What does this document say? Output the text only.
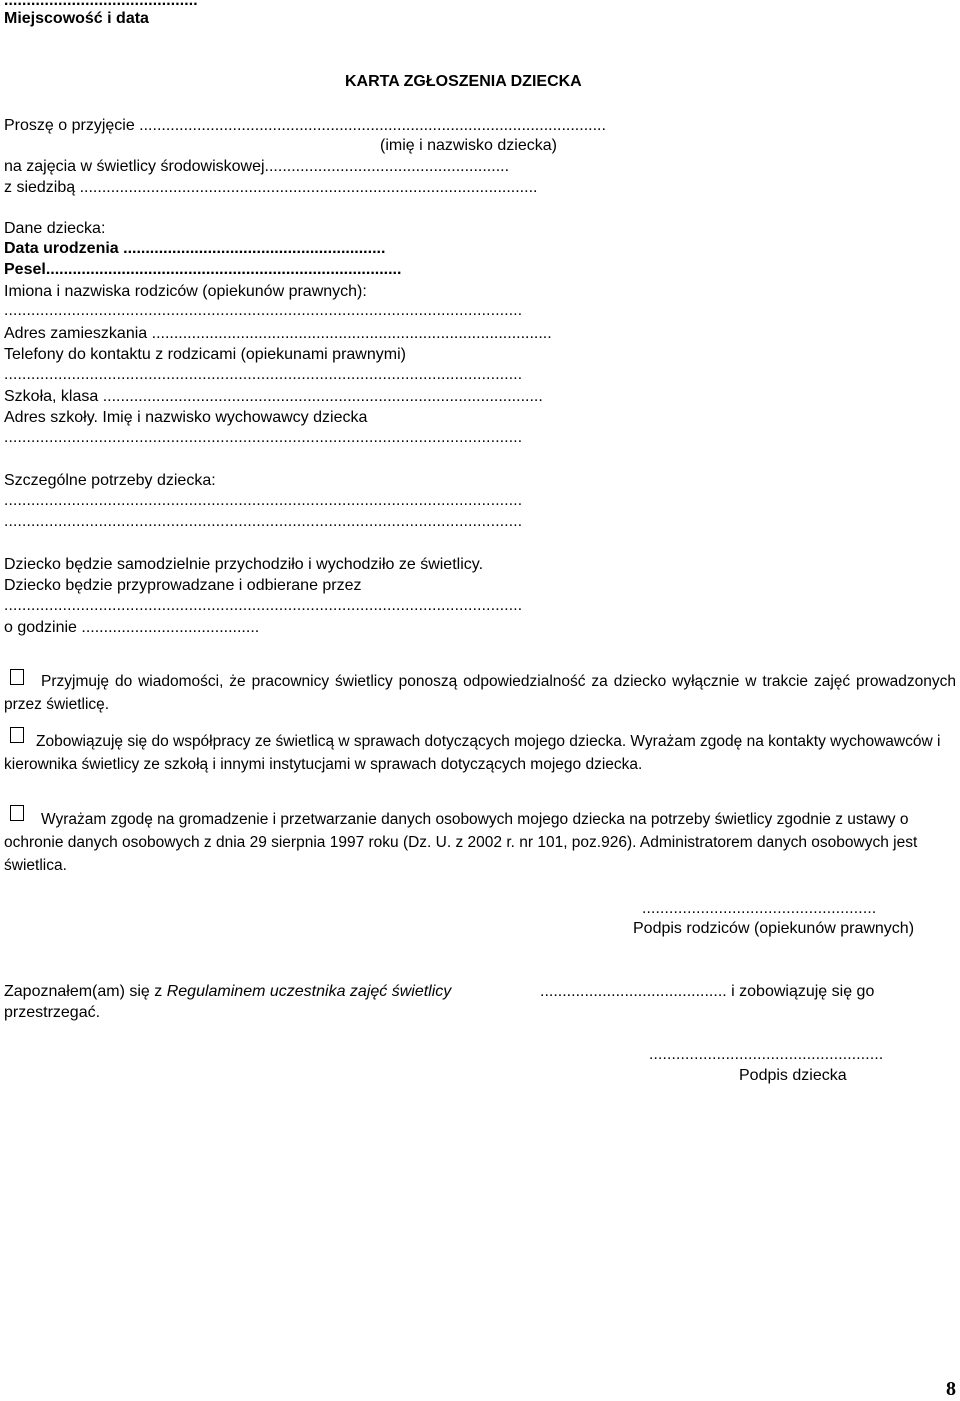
...........................................
Miejscowość i data
KARTA ZGŁOSZENIA DZIECKA
Proszę o przyjęcie .........................................................................................................
(imię i nazwisko dziecka)
na zajęcia w świetlicy środowiskowej.......................................................
z siedzibą .......................................................................................................
Dane dziecka:
Data urodzenia ...........................................................
Pesel................................................................................
Imiona i nazwiska rodziców (opiekunów prawnych):
...................................................................................................................
Adres zamieszkania ..........................................................................................
Telefony do kontaktu z rodzicami (opiekunami prawnymi)
...................................................................................................................
Szkoła, klasa ...................................................................................................
Adres szkoły. Imię i nazwisko wychowawcy dziecka
...................................................................................................................
Szczególne potrzeby dziecka:
...................................................................................................................
...................................................................................................................
Dziecko będzie samodzielnie przychodziło i wychodziło ze świetlicy.
Dziecko będzie przyprowadzane i odbierane przez
...................................................................................................................
o godzinie ........................................
Przyjmuję do wiadomości, że pracownicy świetlicy ponoszą odpowiedzialność za dziecko wyłącznie w trakcie zajęć prowadzonych przez świetlicę.
Zobowiązuję się do współpracy ze świetlicą w sprawach dotyczących mojego dziecka. Wyrażam zgodę na kontakty wychowawców i kierownika świetlicy ze szkołą i innymi instytucjami w sprawach dotyczących mojego dziecka.
Wyrażam zgodę na gromadzenie i przetwarzanie danych osobowych mojego dziecka na potrzeby świetlicy zgodnie z ustawy o ochronie danych osobowych z dnia 29 sierpnia 1997 roku (Dz. U. z 2002 r. nr 101, poz.926). Administratorem danych osobowych jest świetlica.
....................................................
Podpis rodziców (opiekunów prawnych)
Zapoznałem(am) się z Regulaminem uczestnika zajęć świetlicy	.......................................... i zobowiązuję się go
przestrzegać.
....................................................
Podpis dziecka
8
